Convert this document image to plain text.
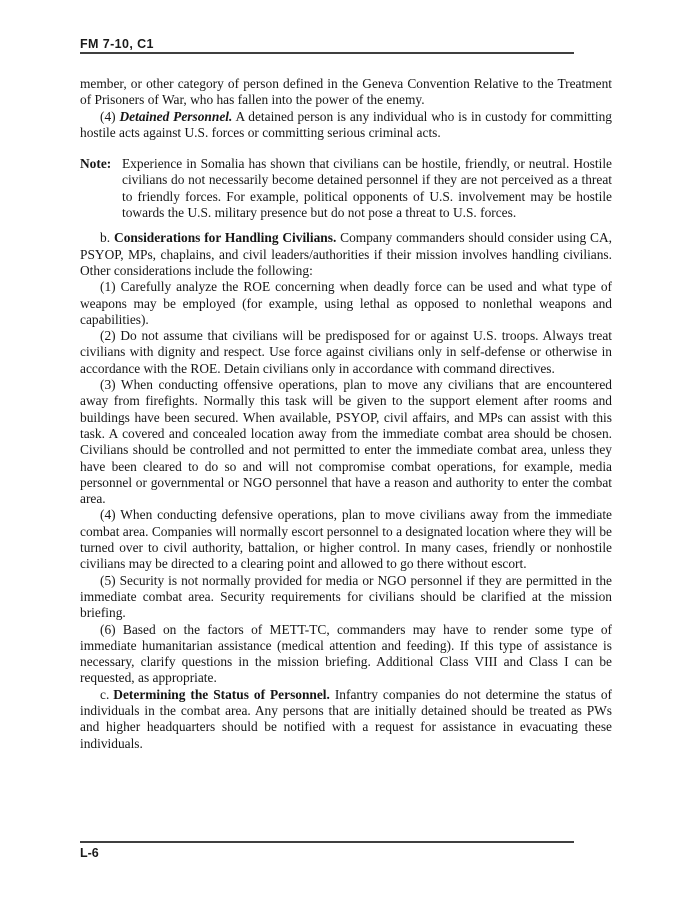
FM 7-10, C1

member, or other category of person defined in the Geneva Convention Relative to the Treatment of Prisoners of War, who has fallen into the power of the enemy.

(4) Detained Personnel. A detained person is any individual who is in custody for committing hostile acts against U.S. forces or committing serious criminal acts.

Note: Experience in Somalia has shown that civilians can be hostile, friendly, or neutral. Hostile civilians do not necessarily become detained personnel if they are not perceived as a threat to friendly forces. For example, political opponents of U.S. involvement may be hostile towards the U.S. military presence but do not pose a threat to U.S. forces.

b. Considerations for Handling Civilians. Company commanders should consider using CA, PSYOP, MPs, chaplains, and civil leaders/authorities if their mission involves handling civilians. Other considerations include the following:

(1) Carefully analyze the ROE concerning when deadly force can be used and what type of weapons may be employed (for example, using lethal as opposed to nonlethal weapons and capabilities).

(2) Do not assume that civilians will be predisposed for or against U.S. troops. Always treat civilians with dignity and respect. Use force against civilians only in self-defense or otherwise in accordance with the ROE. Detain civilians only in accordance with command directives.

(3) When conducting offensive operations, plan to move any civilians that are encountered away from firefights. Normally this task will be given to the support element after rooms and buildings have been secured. When available, PSYOP, civil affairs, and MPs can assist with this task. A covered and concealed location away from the immediate combat area should be chosen. Civilians should be controlled and not permitted to enter the immediate combat area, unless they have been cleared to do so and will not compromise combat operations, for example, media personnel or governmental or NGO personnel that have a reason and authority to enter the combat area.

(4) When conducting defensive operations, plan to move civilians away from the immediate combat area. Companies will normally escort personnel to a designated location where they will be turned over to civil authority, battalion, or higher control. In many cases, friendly or nonhostile civilians may be directed to a clearing point and allowed to go there without escort.

(5) Security is not normally provided for media or NGO personnel if they are permitted in the immediate combat area. Security requirements for civilians should be clarified at the mission briefing.

(6) Based on the factors of METT-TC, commanders may have to render some type of immediate humanitarian assistance (medical attention and feeding). If this type of assistance is necessary, clarify questions in the mission briefing. Additional Class VIII and Class I can be requested, as appropriate.

c. Determining the Status of Personnel. Infantry companies do not determine the status of individuals in the combat area. Any persons that are initially detained should be treated as PWs and higher headquarters should be notified with a request for assistance in evacuating these individuals.

L-6
